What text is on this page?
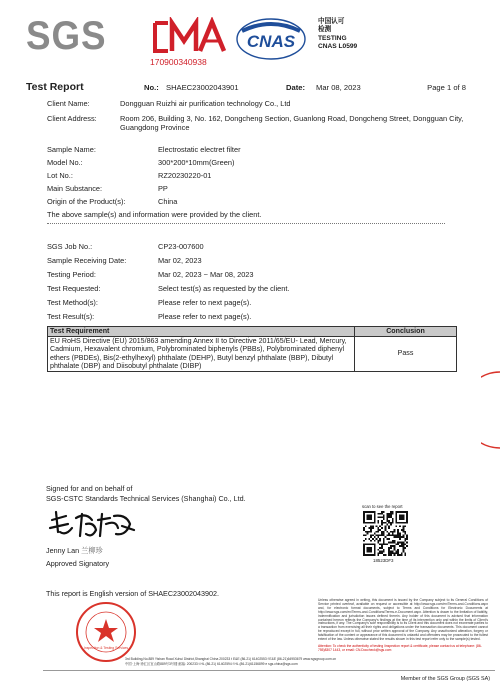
SGS
170900340938
CNAS
中国认可
检测
TESTING
CNAS L0599
Test Report	No.: SHAEC23002043901	Date: Mar 08, 2023	Page 1 of 8
Client Name:	Dongguan Ruizhi air purification technology Co., Ltd
Client Address:	Room 206, Building 3, No. 162, Dongcheng Section, Guanlong Road, Dongcheng Street, Dongguan City, Guangdong Province
Sample Name:	Electrostatic electret filter
Model No.:	300*200*10mm(Green)
Lot No.:	RZ20230220-01
Main Substance:	PP
Origin of the Product(s):	China
The above sample(s) and information were provided by the client.
SGS Job No.:	CP23-007600
Sample Receiving Date:	Mar 02, 2023
Testing Period:	Mar 02, 2023 ~ Mar 08, 2023
Test Requested:	Select test(s) as requested by the client.
Test Method(s):	Please refer to next page(s).
Test Result(s):	Please refer to next page(s).
Test Requirement	Conclusion
EU RoHS Directive (EU) 2015/863 amending Annex II to Directive 2011/65/EU- Lead, Mercury, Cadmium, Hexavalent chromium, Polybrominated biphenyls (PBBs), Polybrominated diphenyl ethers (PBDEs), Bis(2-ethylhexyl) phthalate (DEHP), Butyl benzyl phthalate (BBP), Dibutyl phthalate (DBP) and Diisobutyl phthalate (DIBP)	Pass
Signed for and on behalf of
SGS-CSTC Standards Technical Services (Shanghai) Co., Ltd.
Jenny Lan 兰柳珍
Approved Signatory
scan to see the report
18523DF3
This report is English version of SHAEC23002043902.
Inspection & Testing Services
Unless otherwise agreed in writing, this document is issued by the Company subject to its General Conditions of Service printed overleaf, available on request or accessible at http://www.sgs.com/en/Terms-and-Conditions.aspx and, for electronic format documents, subject to Terms and Conditions for Electronic Documents at http://www.sgs.com/en/Terms-and-Conditions/Terms-e-Document.aspx. Attention is drawn to the limitation of liability, indemnification and jurisdiction issues defined therein. Any holder of this document is advised that information contained hereon reflects the Company's findings at the time of its intervention only and within the limits of Client's instructions, if any. The Company's sole responsibility is to its Client and this document does not exonerate parties to a transaction from exercising all their rights and obligations under the transaction documents. This document cannot be reproduced except in full, without prior written approval of the Company. Any unauthorized alteration, forgery or falsification of the content or appearance of this document is unlawful and offenders may be prosecuted to the fullest extent of the law. Unless otherwise stated the results shown in this test report refer only to the sample(s) tested.
Attention: To check the authenticity of testing /inspection report & certificate, please contact us at telephone: (86-755)8307 1443, or email: CN.Doccheck@sgs.com
3rd Building,No.889 Yishan Road Xuhui District,Shanghai China 200233 t E&E (86-21) 61402553 f E&E (86-21)64953679 www.sgsgroup.com.cn
中国·上海·徐汇区宜山路889号3号楼 邮编: 200233 t HL (86-21) 61402594 f HL (86-21)61156899 e sgs.china@sgs.com
Member of the SGS Group (SGS SA)
